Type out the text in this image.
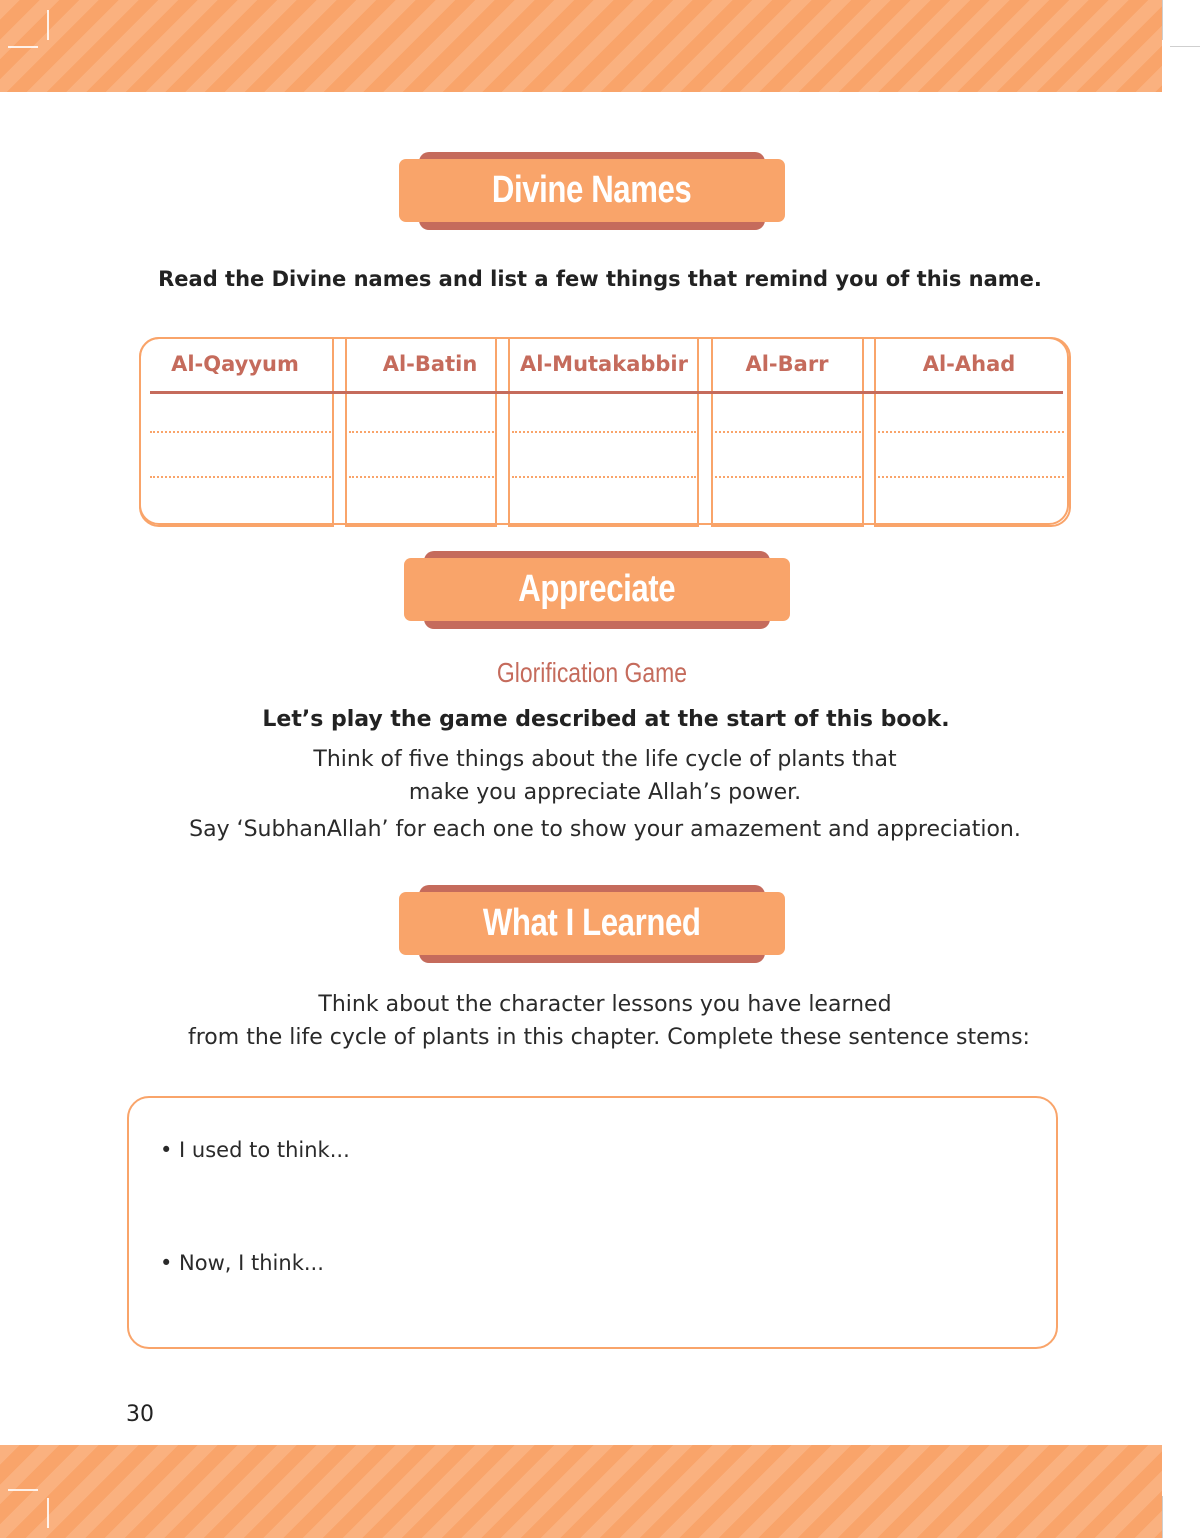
Divine Names
Read the Divine names and list a few things that remind you of this name.
Al-Qayyum	Al-Batin	Al-Mutakabbir	Al-Barr	Al-Ahad
Appreciate
Glorification Game
Let’s play the game described at the start of this book.
Think of five things about the life cycle of plants that
make you appreciate Allah’s power.
Say ‘SubhanAllah’ for each one to show your amazement and appreciation.
What I Learned
Think about the character lessons you have learned
from the life cycle of plants in this chapter. Complete these sentence stems:
• I used to think...
• Now, I think...
30
